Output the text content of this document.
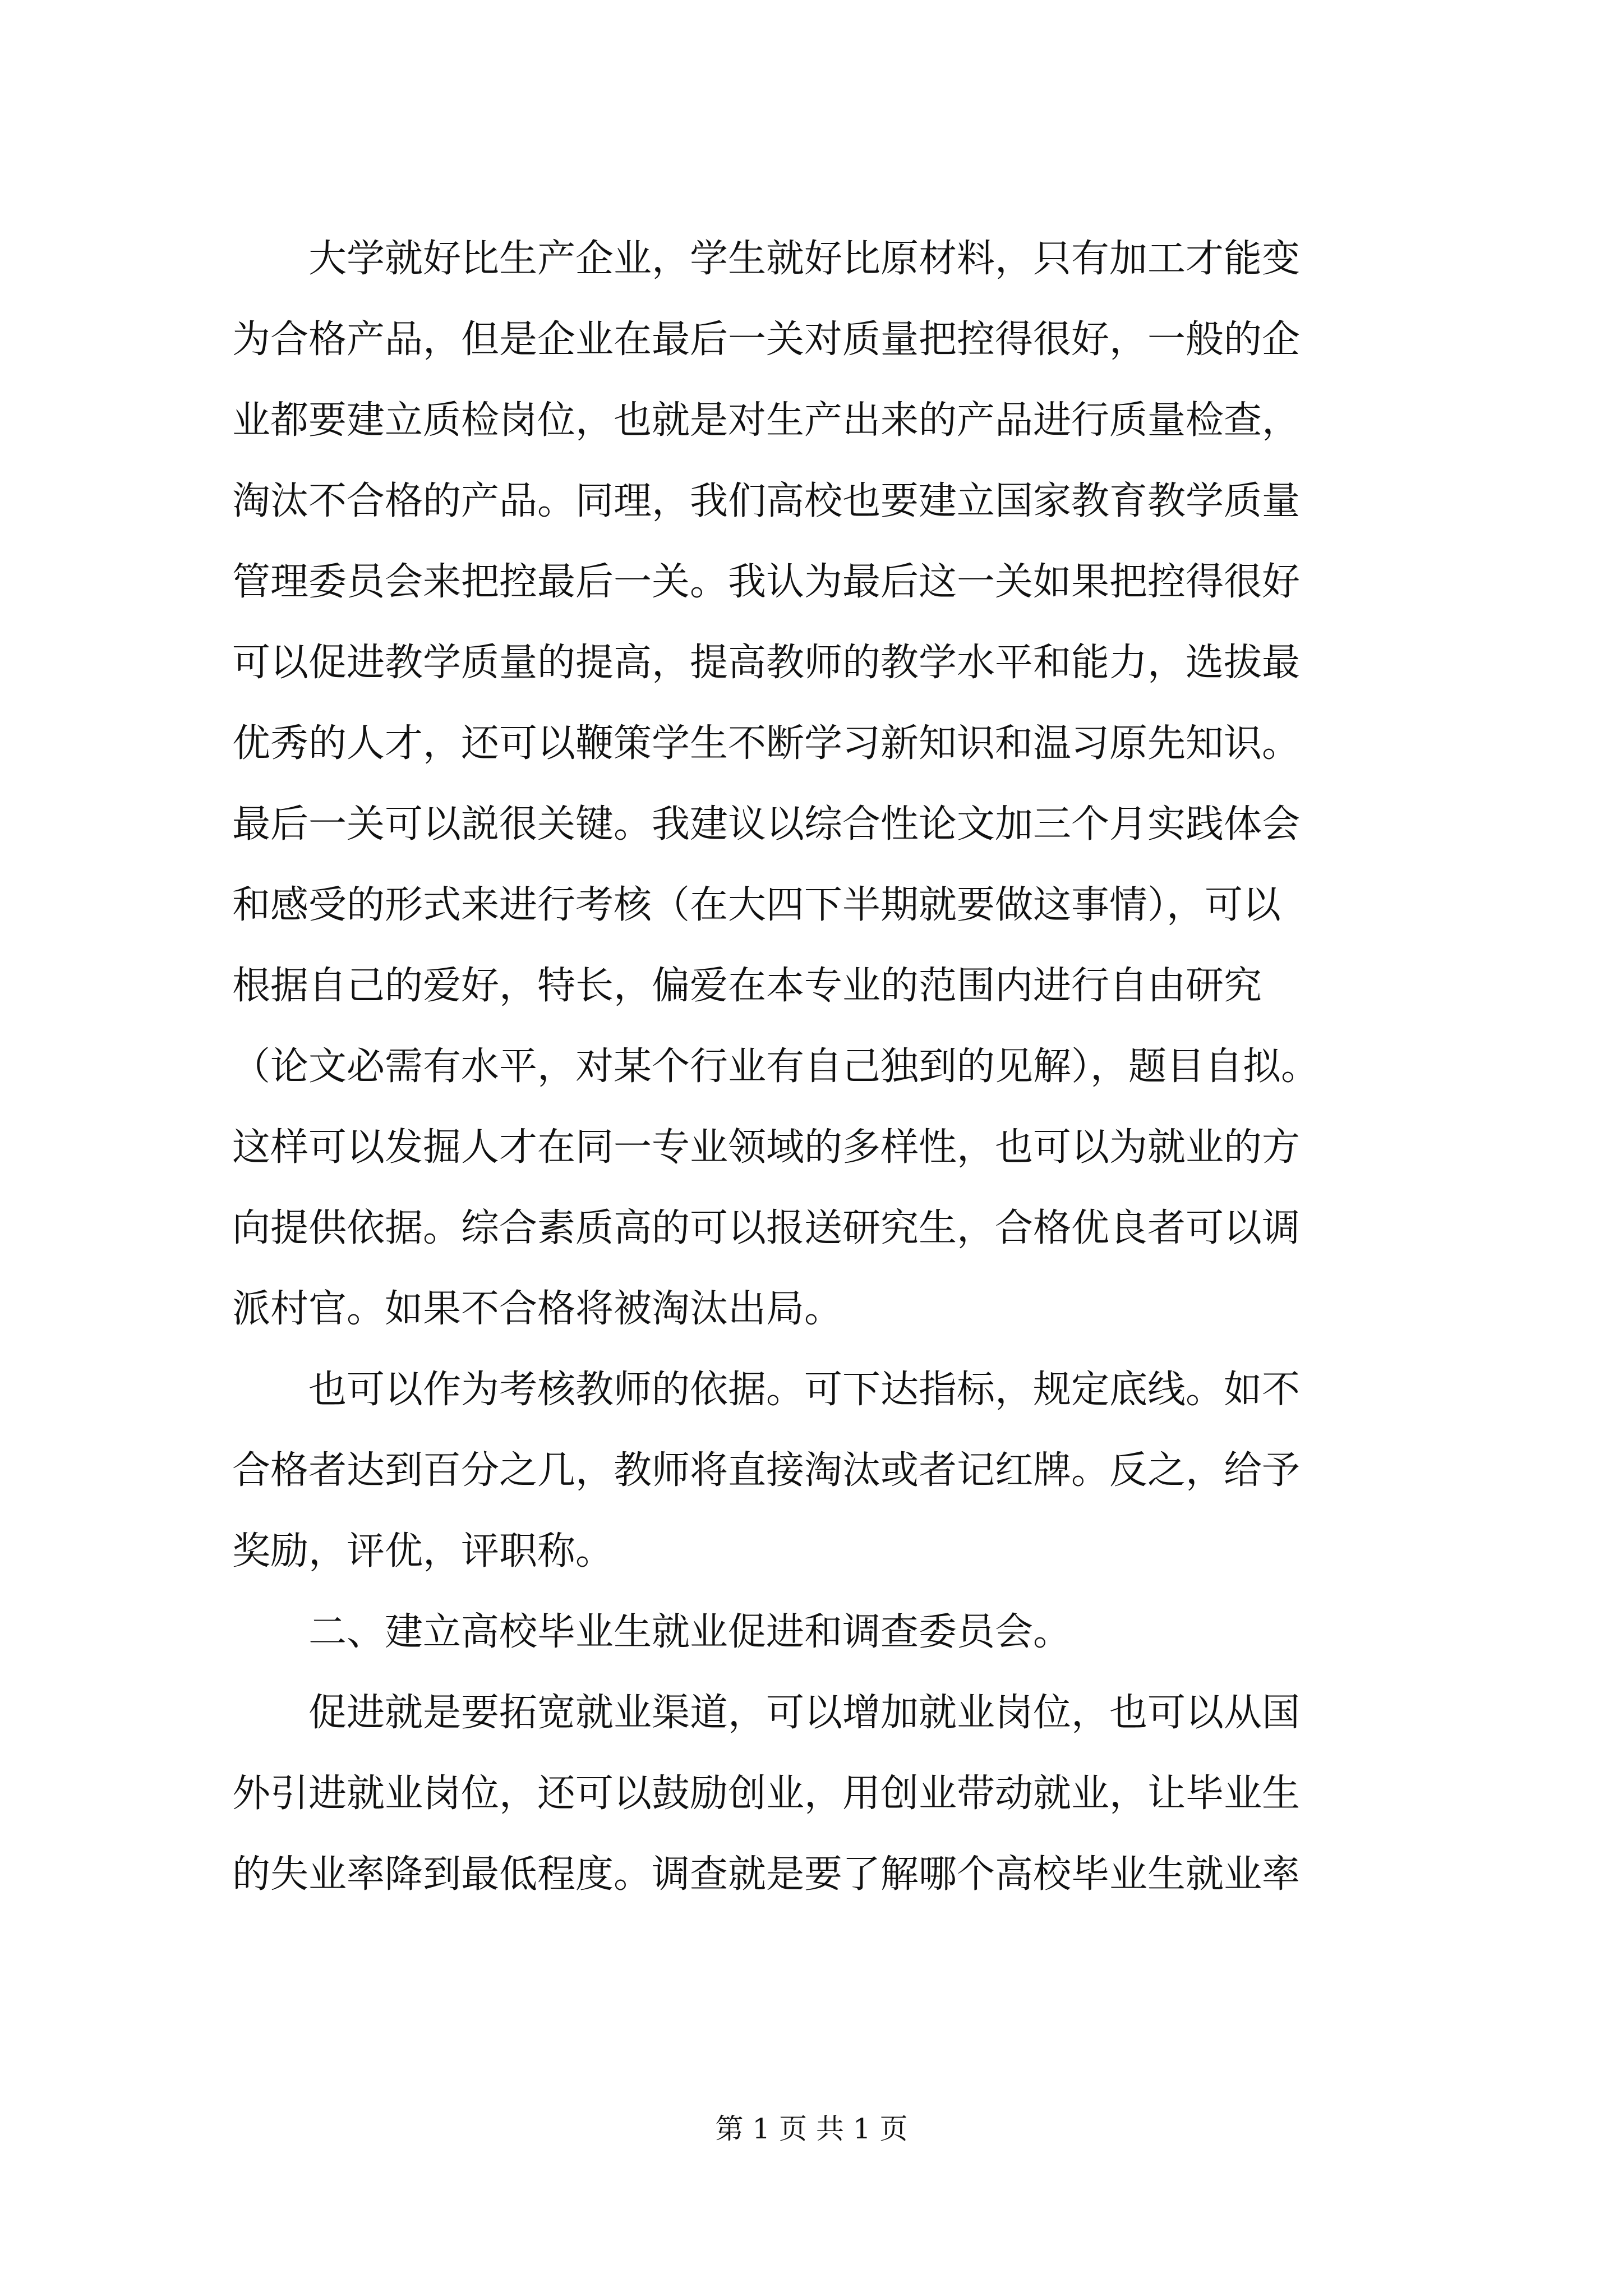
　　大学就好比生产企业，学生就好比原材料，只有加工才能变
为合格产品，但是企业在最后一关对质量把控得很好，一般的企
业都要建立质检岗位，也就是对生产出来的产品进行质量检查，
淘汰不合格的产品。同理，我们高校也要建立国家教育教学质量
管理委员会来把控最后一关。我认为最后这一关如果把控得很好
可以促进教学质量的提高，提高教师的教学水平和能力，选拔最
优秀的人才，还可以鞭策学生不断学习新知识和温习原先知识。
最后一关可以説很关键。我建议以综合性论文加三个月实践体会
和感受的形式来进行考核（在大四下半期就要做这事情），可以
根据自己的爱好，特长，偏爱在本专业的范围内进行自由研究
（论文必需有水平，对某个行业有自己独到的见解），题目自拟。
这样可以发掘人才在同一专业领域的多样性，也可以为就业的方
向提供依据。综合素质高的可以报送研究生，合格优良者可以调
派村官。如果不合格将被淘汰出局。
　　也可以作为考核教师的依据。可下达指标，规定底线。如不
合格者达到百分之几，教师将直接淘汰或者记红牌。反之，给予
奖励，评优，评职称。
　　二、建立高校毕业生就业促进和调查委员会。
　　促进就是要拓宽就业渠道，可以增加就业岗位，也可以从国
外引进就业岗位，还可以鼓励创业，用创业带动就业，让毕业生
的失业率降到最低程度。调查就是要了解哪个高校毕业生就业率
第 1 页 共 1 页
